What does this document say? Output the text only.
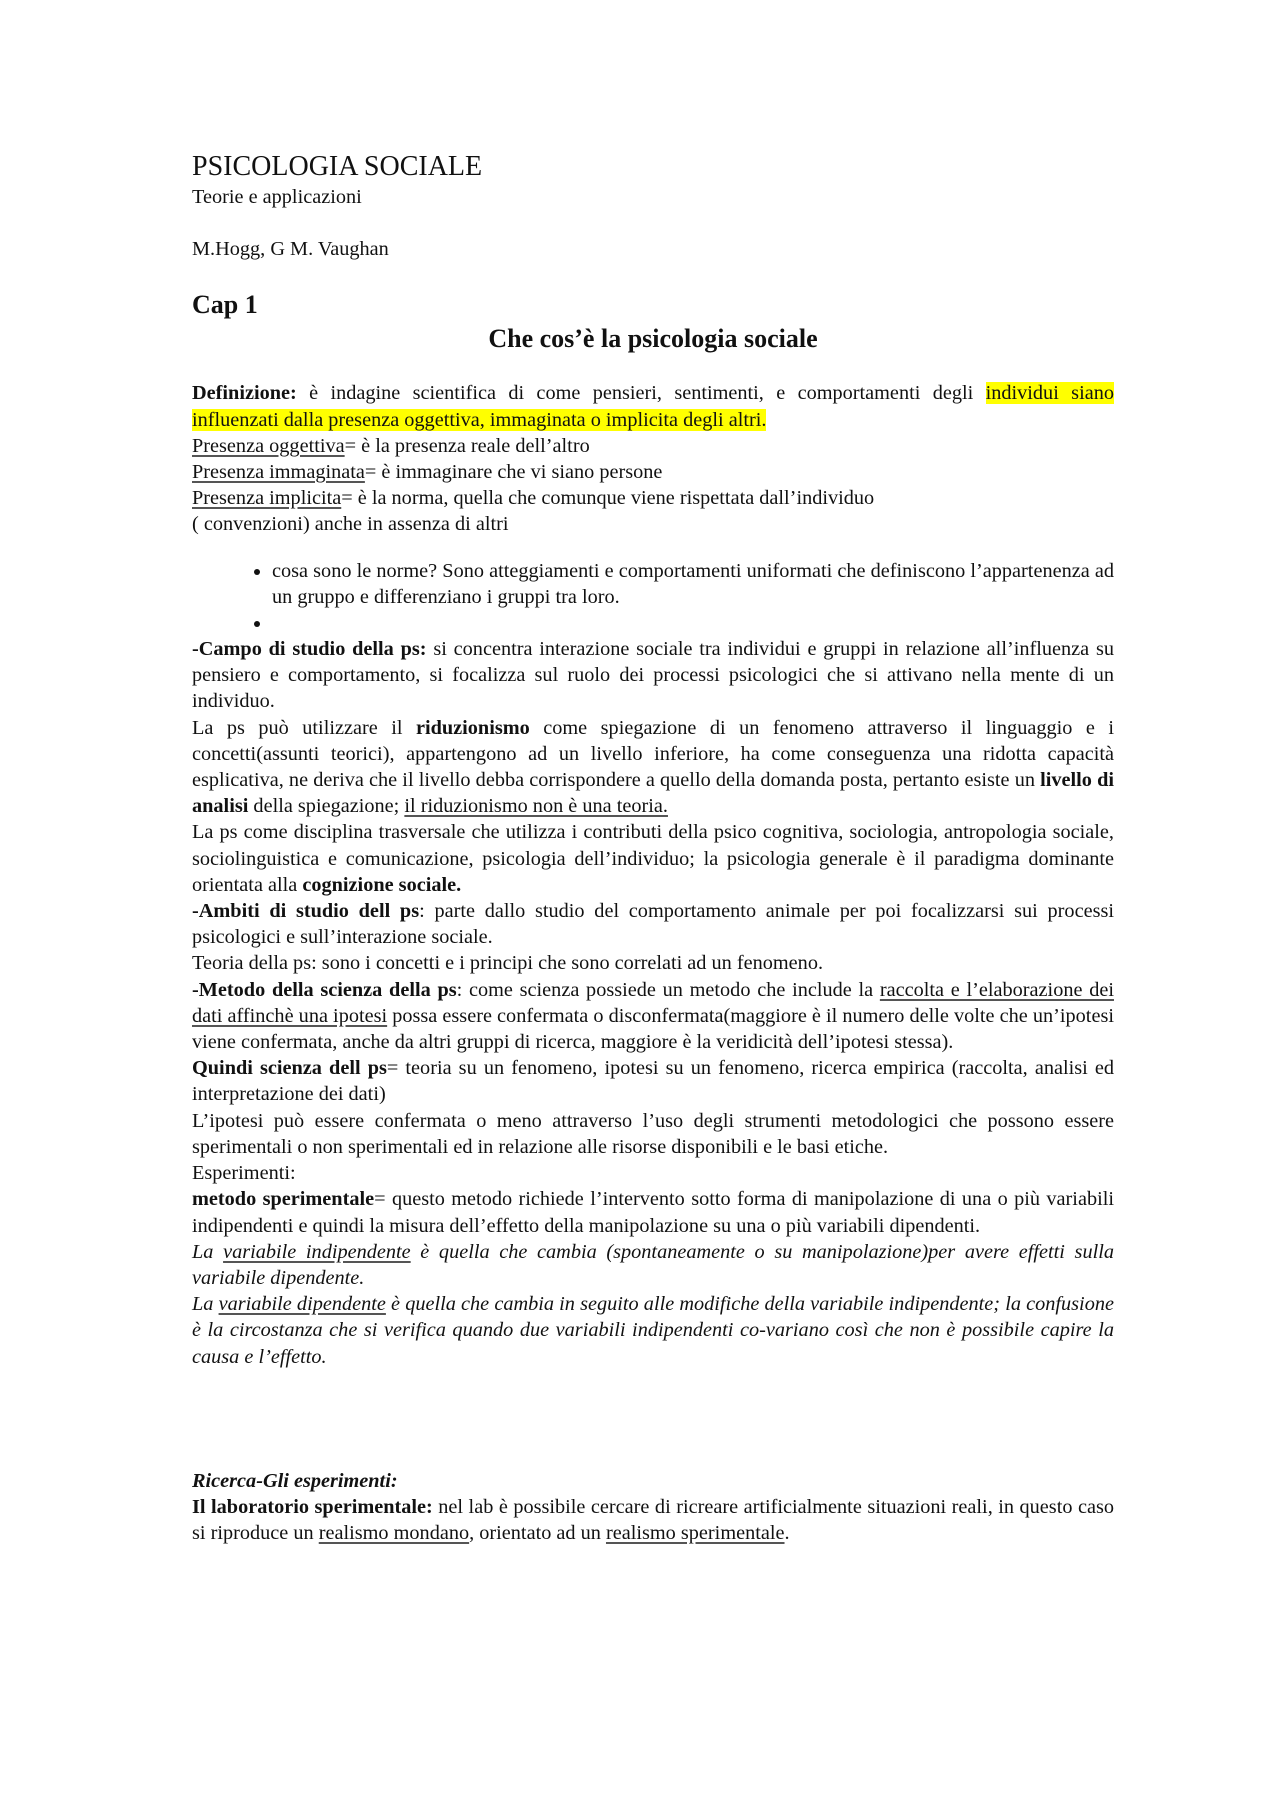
PSICOLOGIA SOCIALE

Teorie e applicazioni

M.Hogg, G M. Vaughan

Cap 1

Che cos’è la psicologia sociale

Definizione: è indagine scientifica di come pensieri, sentimenti, e comportamenti degli individui siano influenzati dalla presenza oggettiva, immaginata o implicita degli altri.

Presenza oggettiva= è la presenza reale dell’altro

Presenza immaginata= è immaginare che vi siano persone

Presenza implicita= è la norma, quella che comunque viene rispettata dall’individuo

( convenzioni) anche in assenza di altri

• cosa sono le norme? Sono atteggiamenti e comportamenti uniformati che definiscono l’appartenenza ad un gruppo e differenziano i gruppi tra loro.
•

-Campo di studio della ps: si concentra interazione sociale tra individui e gruppi in relazione all’influenza su pensiero e comportamento, si focalizza sul ruolo dei processi psicologici che si attivano nella mente di un individuo.

La ps può utilizzare il riduzionismo come spiegazione di un fenomeno attraverso il linguaggio e i concetti(assunti teorici), appartengono ad un livello inferiore, ha come conseguenza una ridotta capacità esplicativa, ne deriva che il livello debba corrispondere a quello della domanda posta, pertanto esiste un livello di analisi della spiegazione; il riduzionismo non è una teoria.

La ps come disciplina trasversale che utilizza i contributi della psico cognitiva, sociologia, antropologia sociale, sociolinguistica e comunicazione, psicologia dell’individuo; la psicologia generale è il paradigma dominante orientata alla cognizione sociale.

-Ambiti di studio dell ps: parte dallo studio del comportamento animale per poi focalizzarsi sui processi psicologici e sull’interazione sociale.

Teoria della ps: sono i concetti e i principi che sono correlati ad un fenomeno.

-Metodo della scienza della ps: come scienza possiede un metodo che include la raccolta e l’elaborazione dei dati affinchè una ipotesi possa essere confermata o disconfermata(maggiore è il numero delle volte che un’ipotesi viene confermata, anche da altri gruppi di ricerca, maggiore è la veridicità dell’ipotesi stessa).

Quindi scienza dell ps= teoria su un fenomeno, ipotesi su un fenomeno, ricerca empirica (raccolta, analisi ed interpretazione dei dati)

L’ipotesi può essere confermata o meno attraverso l’uso degli strumenti metodologici che possono essere sperimentali o non sperimentali ed in relazione alle risorse disponibili e le basi etiche.

Esperimenti:

metodo sperimentale= questo metodo richiede l’intervento sotto forma di manipolazione di una o più variabili indipendenti e quindi la misura dell’effetto della manipolazione su una o più variabili dipendenti.

La variabile indipendente è quella che cambia (spontaneamente o su manipolazione)per avere effetti sulla variabile dipendente.

La variabile dipendente è quella che cambia in seguito alle modifiche della variabile indipendente; la confusione è la circostanza che si verifica quando due variabili indipendenti co-variano così che non è possibile capire la causa e l’effetto.

Ricerca-Gli esperimenti:

Il laboratorio sperimentale: nel lab è possibile cercare di ricreare artificialmente situazioni reali, in questo caso si riproduce un realismo mondano, orientato ad un realismo sperimentale.
